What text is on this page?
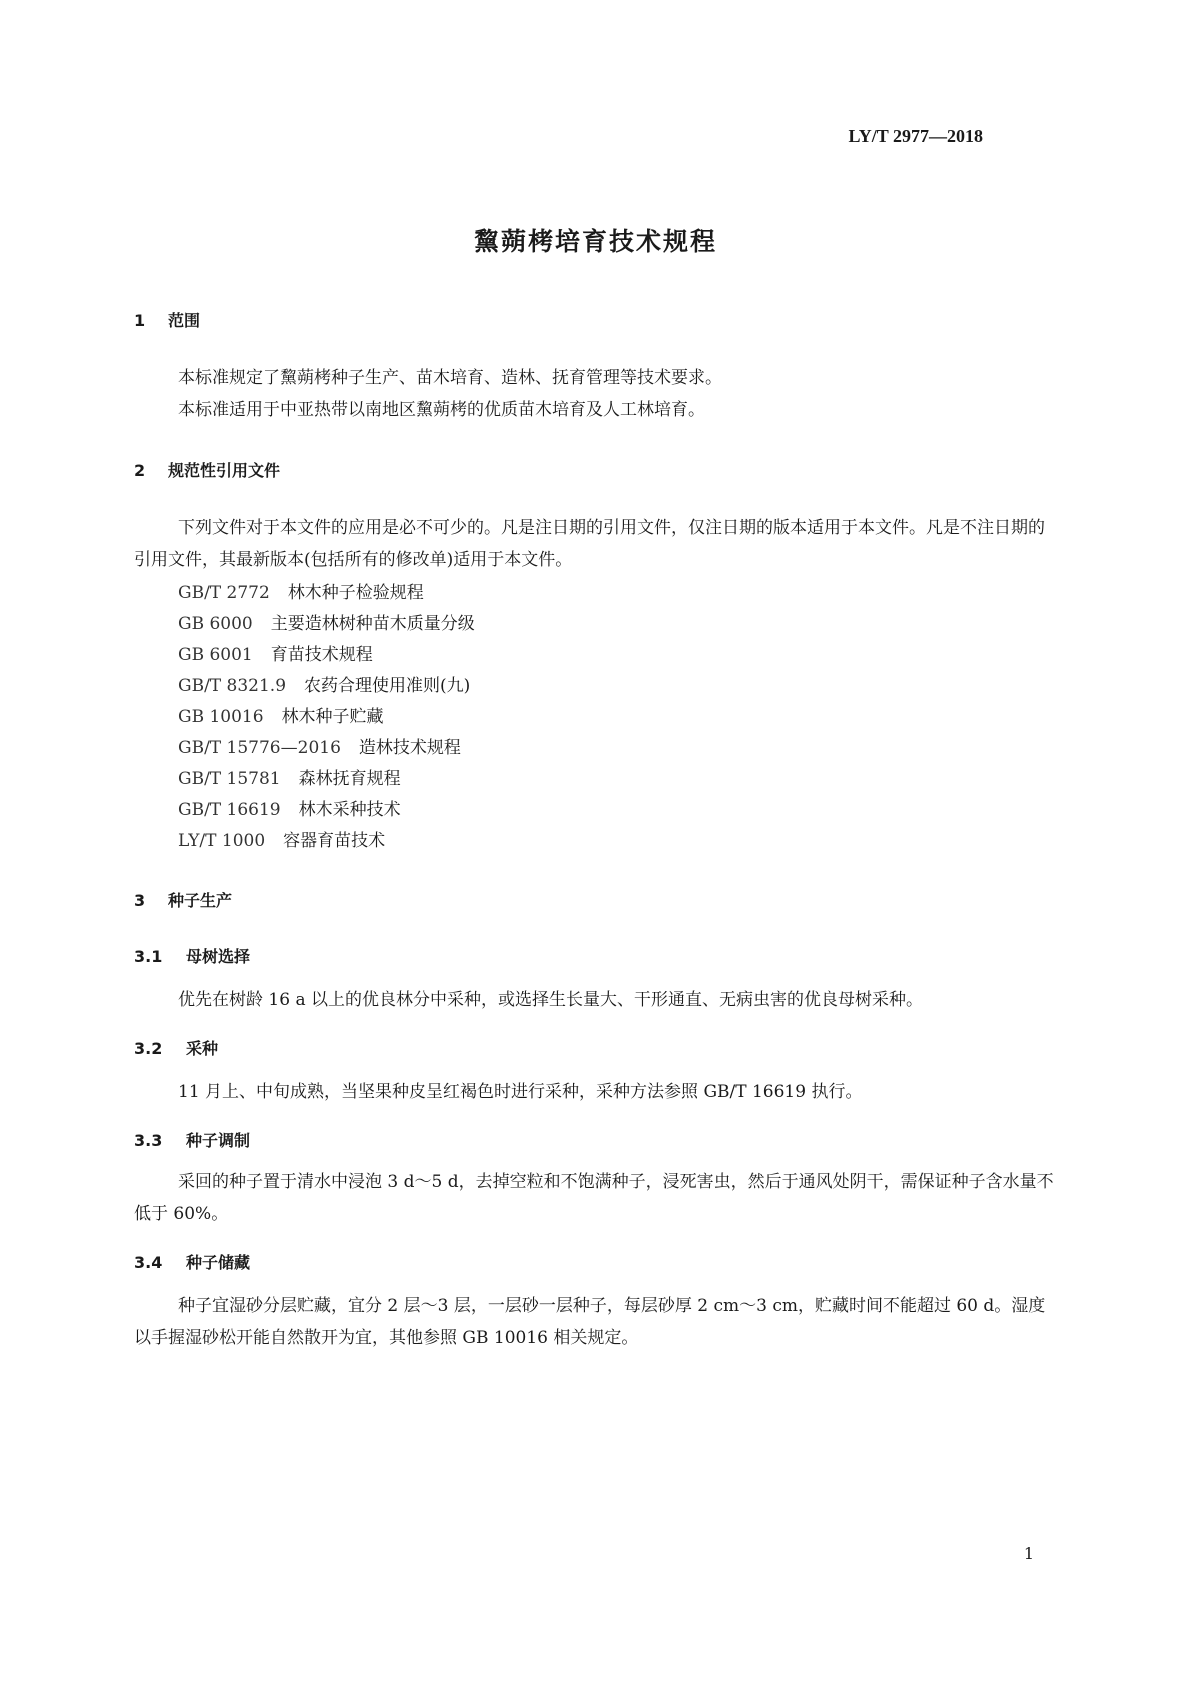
LY/T 2977—2018
黧蒴栲培育技术规程
1 范围
本标准规定了黧蒴栲种子生产、苗木培育、造林、抚育管理等技术要求。
本标准适用于中亚热带以南地区黧蒴栲的优质苗木培育及人工林培育。
2 规范性引用文件
下列文件对于本文件的应用是必不可少的。凡是注日期的引用文件，仅注日期的版本适用于本文件。凡是不注日期的引用文件，其最新版本(包括所有的修改单)适用于本文件。
GB/T 2772 林木种子检验规程
GB 6000 主要造林树种苗木质量分级
GB 6001 育苗技术规程
GB/T 8321.9 农药合理使用准则(九)
GB 10016 林木种子贮藏
GB/T 15776—2016 造林技术规程
GB/T 15781 森林抚育规程
GB/T 16619 林木采种技术
LY/T 1000 容器育苗技术
3 种子生产
3.1 母树选择
优先在树龄 16 a 以上的优良林分中采种，或选择生长量大、干形通直、无病虫害的优良母树采种。
3.2 采种
11 月上、中旬成熟，当坚果种皮呈红褐色时进行采种，采种方法参照 GB/T 16619 执行。
3.3 种子调制
采回的种子置于清水中浸泡 3 d～5 d，去掉空粒和不饱满种子，浸死害虫，然后于通风处阴干，需保证种子含水量不低于 60%。
3.4 种子储藏
种子宜湿砂分层贮藏，宜分 2 层～3 层，一层砂一层种子，每层砂厚 2 cm～3 cm，贮藏时间不能超过 60 d。湿度以手握湿砂松开能自然散开为宜，其他参照 GB 10016 相关规定。
1
